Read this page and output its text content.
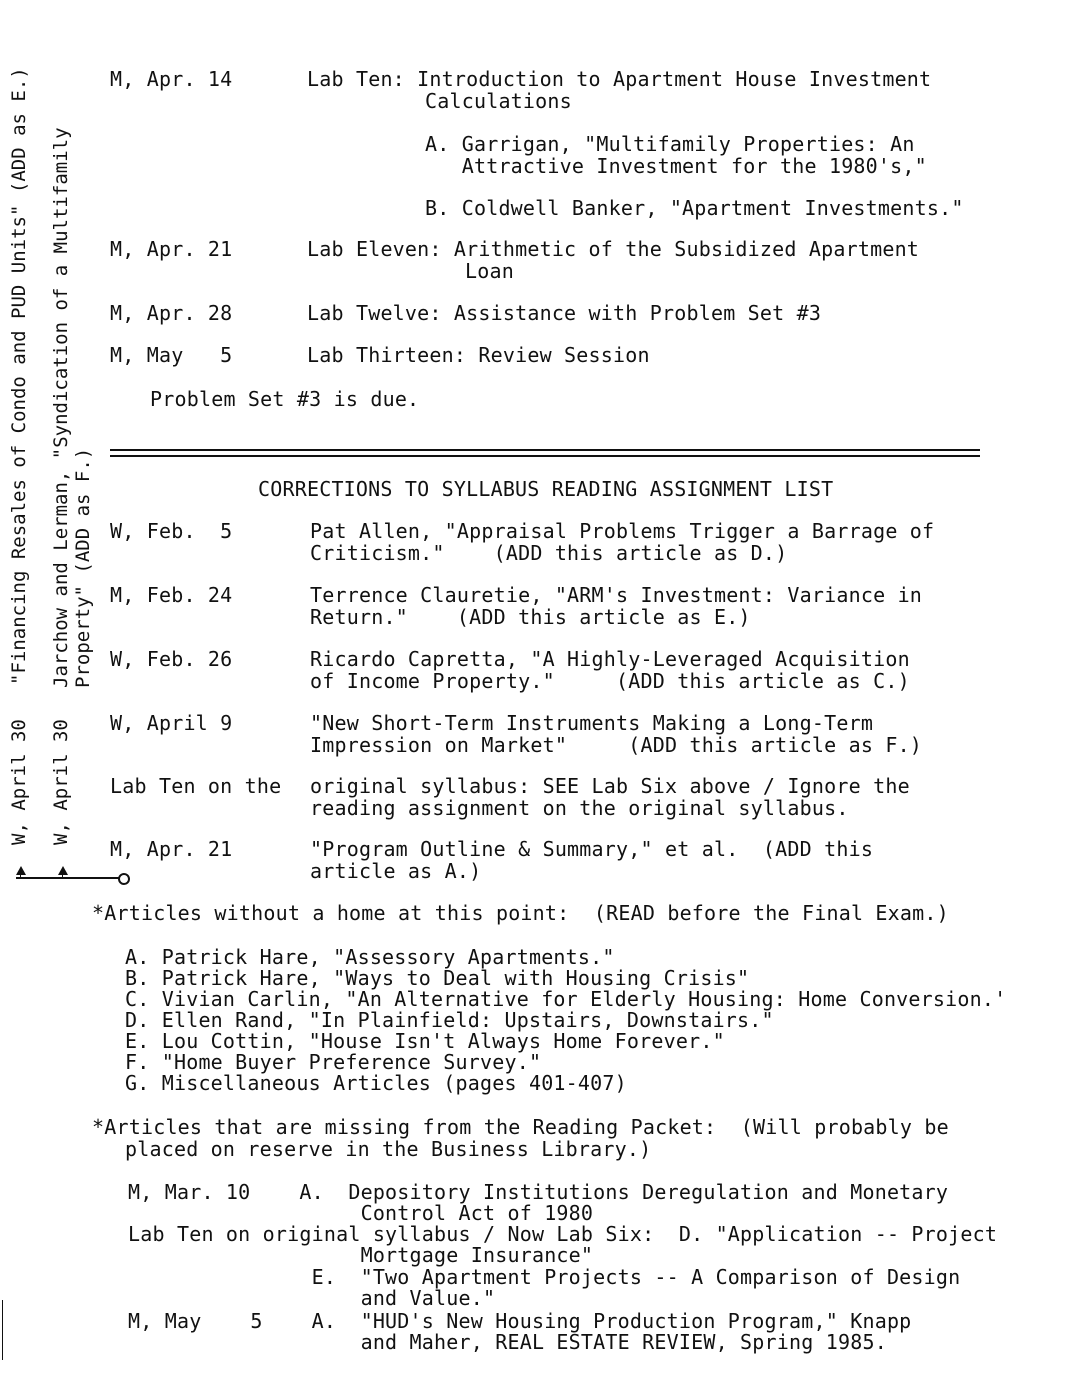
"Financing Resales of Condo and PUD Units" (ADD as E.)
W, April 30
Jarchow and Lerman, "Syndication of a Multifamily Property" (ADD as F.)
W, April 30
M, Apr. 14	Lab Ten: Introduction to Apartment House Investment
Calculations
A. Garrigan, "Multifamily Properties: An
Attractive Investment for the 1980's,"
B. Coldwell Banker, "Apartment Investments."
M, Apr. 21	Lab Eleven: Arithmetic of the Subsidized Apartment
Loan
M, Apr. 28	Lab Twelve: Assistance with Problem Set #3
M, May   5	Lab Thirteen: Review Session
Problem Set #3 is due.
CORRECTIONS TO SYLLABUS READING ASSIGNMENT LIST
W, Feb.  5	Pat Allen, "Appraisal Problems Trigger a Barrage of
Criticism."    (ADD this article as D.)
M, Feb. 24	Terrence Clauretie, "ARM's Investment: Variance in
Return."    (ADD this article as E.)
W, Feb. 26	Ricardo Capretta, "A Highly-Leveraged Acquisition
of Income Property."     (ADD this article as C.)
W, April 9	"New Short-Term Instruments Making a Long-Term
Impression on Market"     (ADD this article as F.)
Lab Ten on the original syllabus: SEE Lab Six above / Ignore the
reading assignment on the original syllabus.
M, Apr. 21	"Program Outline & Summary," et al.  (ADD this
article as A.)
*Articles without a home at this point:  (READ before the Final Exam.)
A. Patrick Hare, "Assessory Apartments."
B. Patrick Hare, "Ways to Deal with Housing Crisis"
C. Vivian Carlin, "An Alternative for Elderly Housing: Home Conversion.'
D. Ellen Rand, "In Plainfield: Upstairs, Downstairs."
E. Lou Cottin, "House Isn't Always Home Forever."
F. "Home Buyer Preference Survey."
G. Miscellaneous Articles (pages 401-407)
*Articles that are missing from the Reading Packet:  (Will probably be
placed on reserve in the Business Library.)
M, Mar. 10    A.  Depository Institutions Deregulation and Monetary
Control Act of 1980
Lab Ten on original syllabus / Now Lab Six:  D. "Application -- Project
Mortgage Insurance"
E.  "Two Apartment Projects -- A Comparison of Design
and Value."
M, May    5    A.  "HUD's New Housing Production Program," Knapp
and Maher, REAL ESTATE REVIEW, Spring 1985.
